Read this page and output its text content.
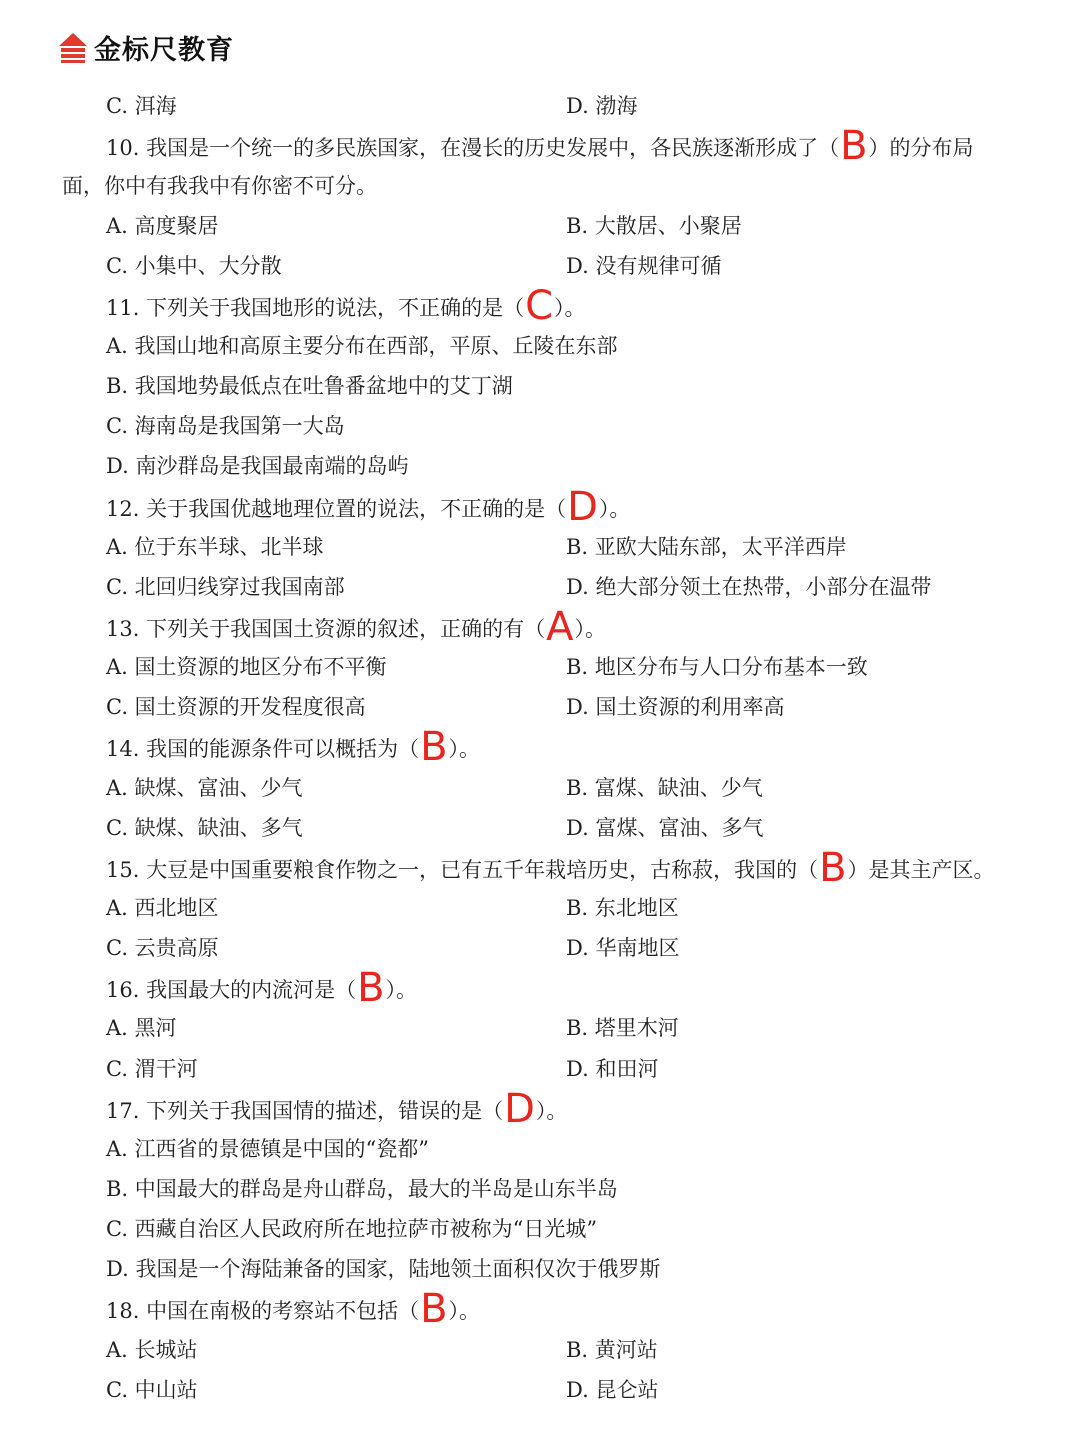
金标尺教育
C. 洱海	D. 渤海
10. 我国是一个统一的多民族国家，在漫长的历史发展中，各民族逐渐形成了（B）的分布局
面，你中有我我中有你密不可分。
A. 高度聚居	B. 大散居、小聚居
C. 小集中、大分散	D. 没有规律可循
11. 下列关于我国地形的说法，不正确的是（C）。
A. 我国山地和高原主要分布在西部，平原、丘陵在东部
B. 我国地势最低点在吐鲁番盆地中的艾丁湖
C. 海南岛是我国第一大岛
D. 南沙群岛是我国最南端的岛屿
12. 关于我国优越地理位置的说法，不正确的是（D）。
A. 位于东半球、北半球	B. 亚欧大陆东部，太平洋西岸
C. 北回归线穿过我国南部	D. 绝大部分领土在热带，小部分在温带
13. 下列关于我国国土资源的叙述，正确的有（A）。
A. 国土资源的地区分布不平衡	B. 地区分布与人口分布基本一致
C. 国土资源的开发程度很高	D. 国土资源的利用率高
14. 我国的能源条件可以概括为（B）。
A. 缺煤、富油、少气	B. 富煤、缺油、少气
C. 缺煤、缺油、多气	D. 富煤、富油、多气
15. 大豆是中国重要粮食作物之一，已有五千年栽培历史，古称菽，我国的（B）是其主产区。
A. 西北地区	B. 东北地区
C. 云贵高原	D. 华南地区
16. 我国最大的内流河是（B）。
A. 黑河	B. 塔里木河
C. 渭干河	D. 和田河
17. 下列关于我国国情的描述，错误的是（D）。
A. 江西省的景德镇是中国的“瓷都”
B. 中国最大的群岛是舟山群岛，最大的半岛是山东半岛
C. 西藏自治区人民政府所在地拉萨市被称为“日光城”
D. 我国是一个海陆兼备的国家，陆地领土面积仅次于俄罗斯
18. 中国在南极的考察站不包括（B）。
A. 长城站	B. 黄河站
C. 中山站	D. 昆仑站
